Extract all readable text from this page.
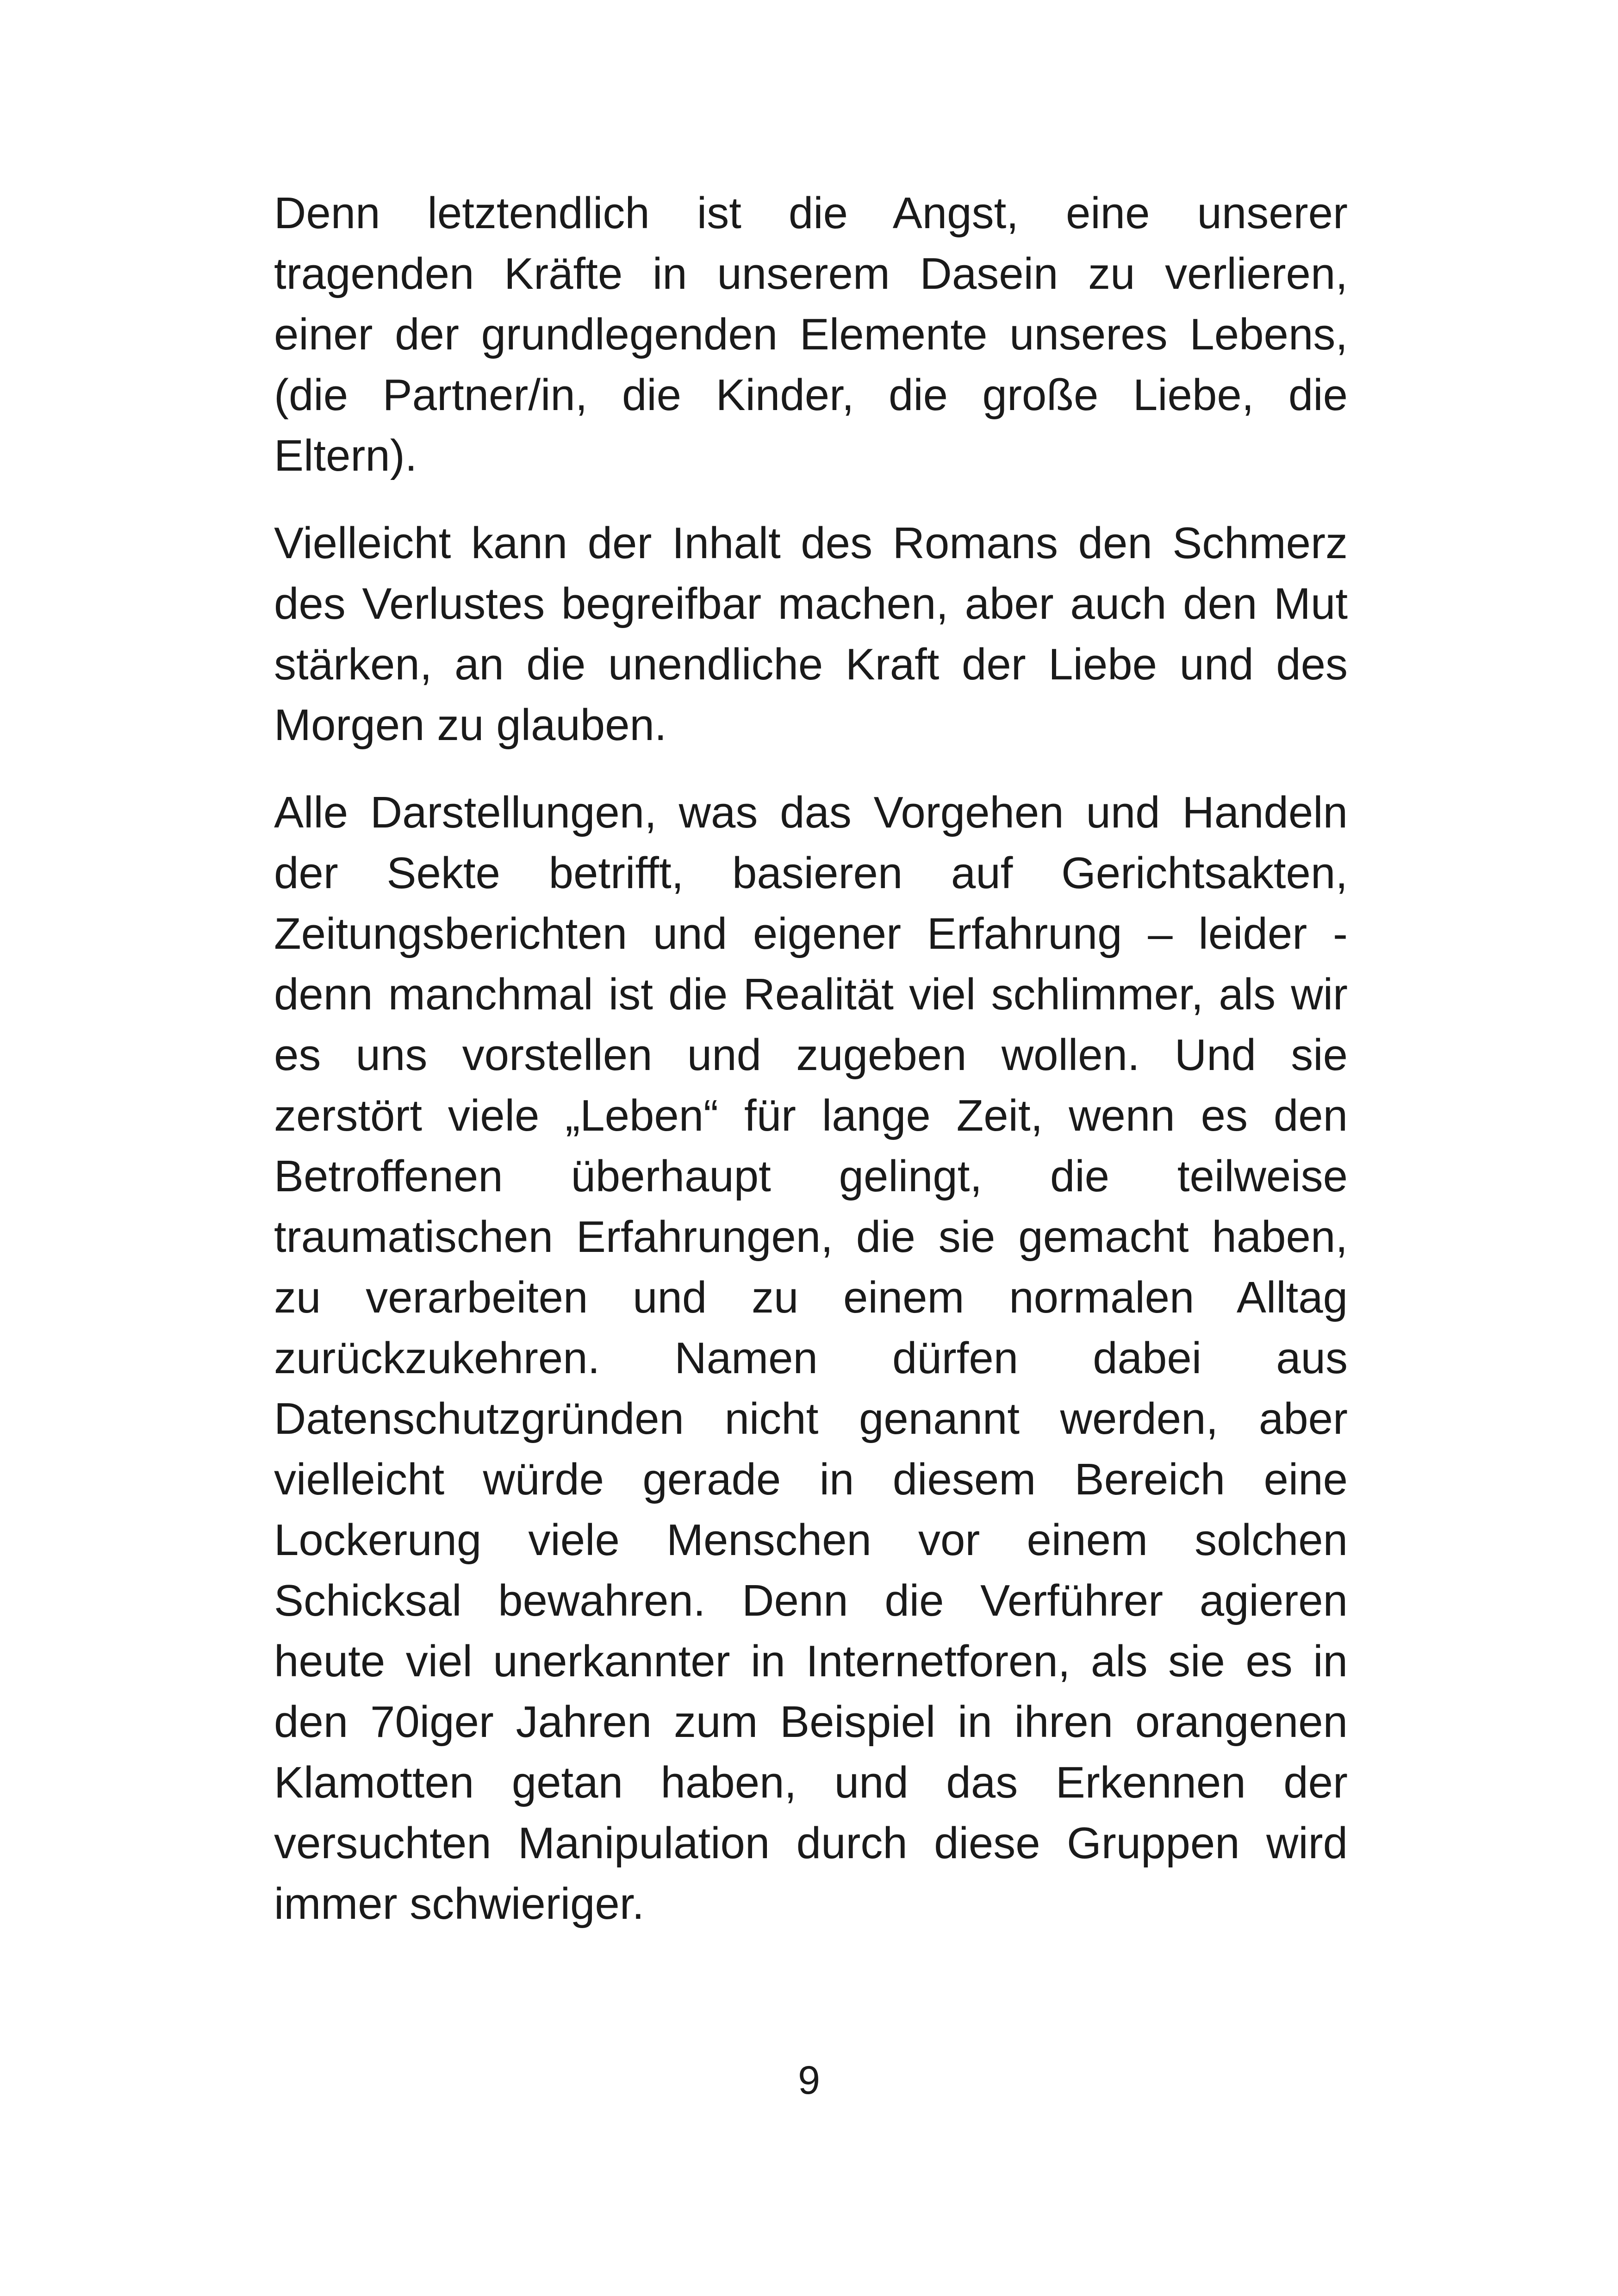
Denn letztendlich ist die Angst, eine unserer tragenden Kräfte in unserem Dasein zu verlieren, einer der grundlegenden Elemente unseres Lebens, (die Partner/in, die Kinder, die große Liebe, die Eltern).

Vielleicht kann der Inhalt des Romans den Schmerz des Verlustes begreifbar machen, aber auch den Mut stärken, an die unendliche Kraft der Liebe und des Morgen zu glauben.

Alle Darstellungen, was das Vorgehen und Handeln der Sekte betrifft, basieren auf Gerichtsakten, Zeitungsberichten und eigener Erfahrung – leider - denn manchmal ist die Realität viel schlimmer, als wir es uns vorstellen und zugeben wollen. Und sie zerstört viele „Leben“ für lange Zeit, wenn es den Betroffenen überhaupt gelingt, die teilweise traumatischen Erfahrungen, die sie gemacht haben, zu verarbeiten und zu einem normalen Alltag zurückzukehren. Namen dürfen dabei aus Datenschutzgründen nicht genannt werden, aber vielleicht würde gerade in diesem Bereich eine Lockerung viele Menschen vor einem solchen Schicksal bewahren. Denn die Verführer agieren heute viel unerkannter in Internetforen, als sie es in den 70iger Jahren zum Beispiel in ihren orangenen Klamotten getan haben, und das Erkennen der versuchten Manipulation durch diese Gruppen wird immer schwieriger.

9
